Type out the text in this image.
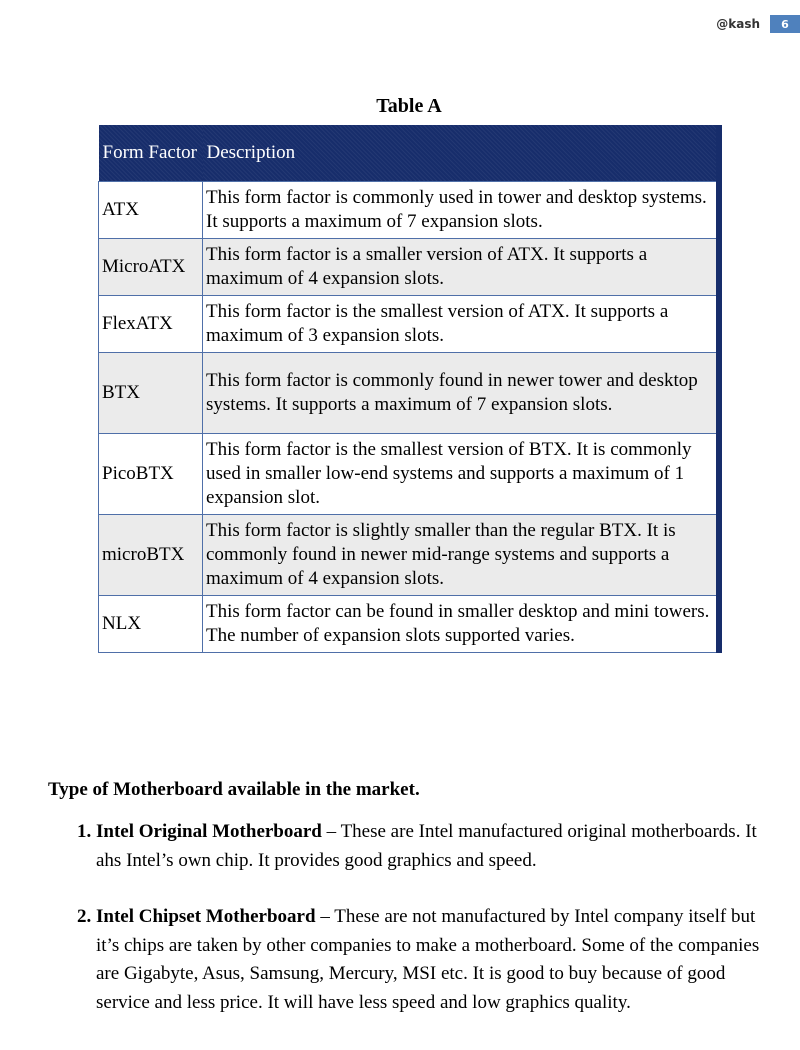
@kash	6
Table A
Form Factor	Description
ATX	This form factor is commonly used in tower and desktop systems. It supports a maximum of 7 expansion slots.
MicroATX	This form factor is a smaller version of ATX. It supports a maximum of 4 expansion slots.
FlexATX	This form factor is the smallest version of ATX. It supports a maximum of 3 expansion slots.
BTX	This form factor is commonly found in newer tower and desktop systems. It supports a maximum of 7 expansion slots.
PicoBTX	This form factor is the smallest version of BTX. It is commonly used in smaller low-end systems and supports a maximum of 1 expansion slot.
microBTX	This form factor is slightly smaller than the regular BTX. It is commonly found in newer mid-range systems and supports a maximum of 4 expansion slots.
NLX	This form factor can be found in smaller desktop and mini towers. The number of expansion slots supported varies.
Type of Motherboard available in the market.
1. Intel Original Motherboard – These are Intel manufactured original motherboards. It ahs Intel’s own chip. It provides good graphics and speed.
2. Intel Chipset Motherboard – These are not manufactured by Intel company itself but it’s chips are taken by other companies to make a motherboard. Some of the companies are Gigabyte, Asus, Samsung, Mercury, MSI etc. It is good to buy because of good service and less price. It will have less speed and low graphics quality.
